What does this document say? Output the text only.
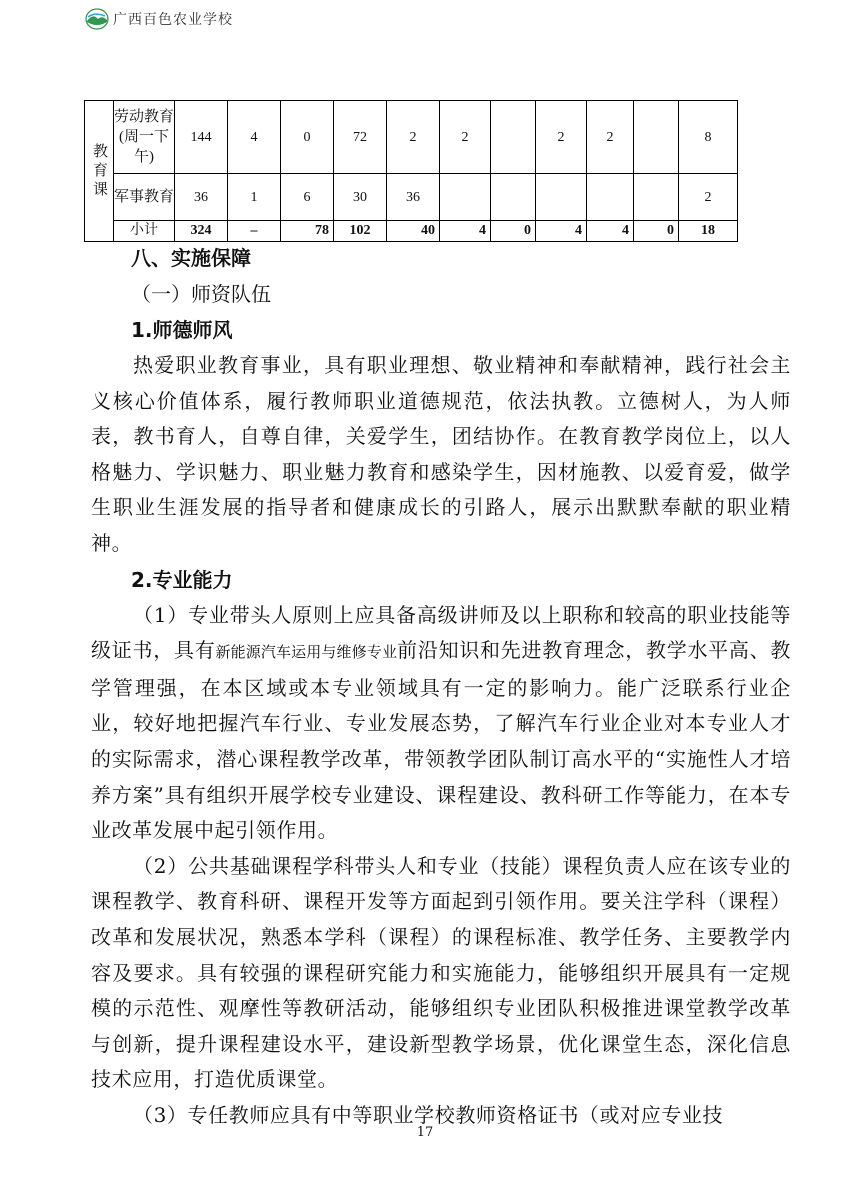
广西百色农业学校
教育课	劳动教育(周一下午)	144	4	0	72	2	2		2	2		8
	军事教育	36	1	6	30	36						2
	小计	324	–	78	102	40	4	0	4	4	0	18

八、实施保障

（一）师资队伍

1.师德师风

热爱职业教育事业，具有职业理想、敬业精神和奉献精神，践行社会主义核心价值体系，履行教师职业道德规范，依法执教。立德树人，为人师表，教书育人，自尊自律，关爱学生，团结协作。在教育教学岗位上，以人格魅力、学识魅力、职业魅力教育和感染学生，因材施教、以爱育爱，做学生职业生涯发展的指导者和健康成长的引路人，展示出默默奉献的职业精神。

2.专业能力

（1）专业带头人原则上应具备高级讲师及以上职称和较高的职业技能等级证书，具有新能源汽车运用与维修专业前沿知识和先进教育理念，教学水平高、教学管理强，在本区域或本专业领域具有一定的影响力。能广泛联系行业企业，较好地把握汽车行业、专业发展态势，了解汽车行业企业对本专业人才的实际需求，潜心课程教学改革，带领教学团队制订高水平的“实施性人才培养方案”具有组织开展学校专业建设、课程建设、教科研工作等能力，在本专业改革发展中起引领作用。

（2）公共基础课程学科带头人和专业（技能）课程负责人应在该专业的课程教学、教育科研、课程开发等方面起到引领作用。要关注学科（课程）改革和发展状况，熟悉本学科（课程）的课程标准、教学任务、主要教学内容及要求。具有较强的课程研究能力和实施能力，能够组织开展具有一定规模的示范性、观摩性等教研活动，能够组织专业团队积极推进课堂教学改革与创新，提升课程建设水平，建设新型教学场景，优化课堂生态，深化信息技术应用，打造优质课堂。

（3）专任教师应具有中等职业学校教师资格证书（或对应专业技

17
